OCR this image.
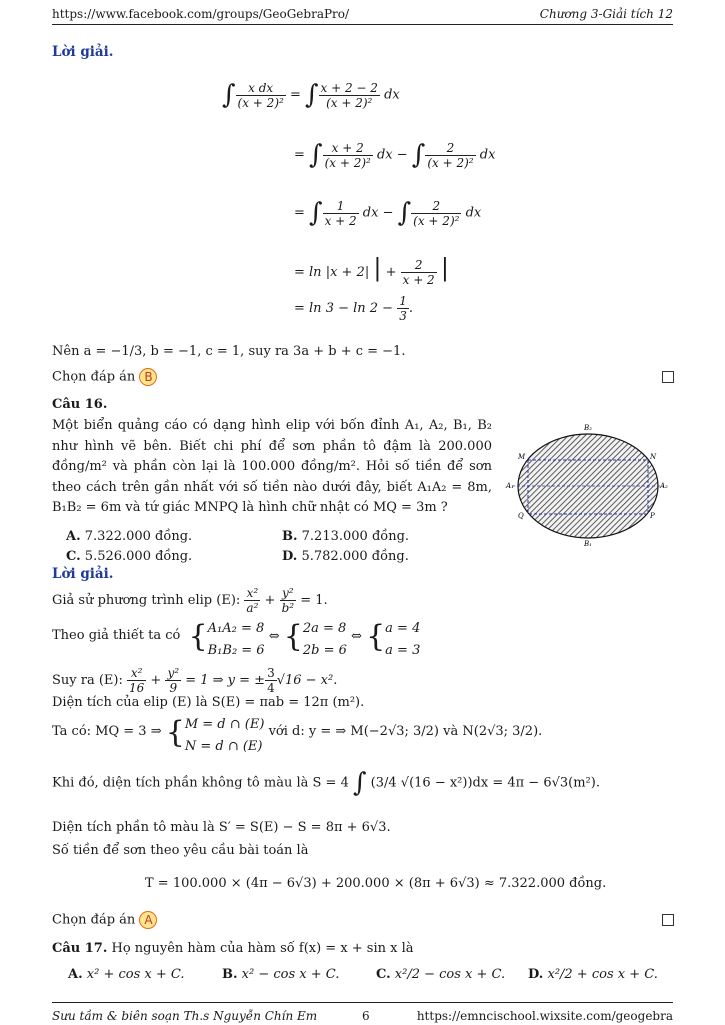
https://www.facebook.com/groups/GeoGebraPro/	Chương 3-Giải tích 12
Lời giải.
∫ $\frac{\text{x dx}}{\text{(x + 2)²}}$ = ∫ $\frac{x + 2 - 2}{\text{(x + 2)²}}$ dx
= ∫ $\frac{x + 2}{\text{(x + 2)²}}$ dx − ∫ $\frac{2}{\text{(x + 2)²}}$ dx
= ∫ $\frac{1}{x + 2}$ dx − ∫ $\frac{2}{\text{(x + 2)²}}$ dx
= ln |x + 2| | + $\frac{2}{x + 2}$ |
= $\ln 3 - \ln 2 - \frac{1}{3}$ .
Nên a = −1/3, b = −1, c = 1, suy ra 3a + b + c = −1.
Chọn đáp án B
Câu 16.
Một biển quảng cáo có dạng hình elip với bốn đỉnh A₁, A₂, B₁, B₂ như hình vẽ bên. Biết chi phí để sơn phần tô đậm là 200.000 đồng/m² và phần còn lại là 100.000 đồng/m². Hỏi số tiền để sơn theo cách trên gần nhất với số tiền nào dưới đây, biết A₁A₂ = 8m, B₁B₂ = 6m và tứ giác MNPQ là hình chữ nhật có MQ = 3m ?
A. 7.322.000 đồng.	B. 7.213.000 đồng.
C. 5.526.000 đồng.	D. 5.782.000 đồng.
B₂
M	N
A₁	A₂
Q	P
B₁
Lời giải.
Giả sử phương trình elip (E): $\frac{\text{x²}}{\text{a²}} + \frac{\text{y²}}{\text{b²}} = 1$.
Theo giả thiết ta có {A₁A₂ = 8
B₁B₂ = 6 ⇔ {2a = 8
2b = 6 ⇔ {a = 4
a = 3
Suy ra (E): $\frac{\text{x²}}{16} + \frac{\text{y²}}{9} = 1$ ⇒ y = ± $\frac{3}{4} √16 - x^2$.
Diện tích của elip (E) là S(E) = πab = 12π (m²).
Ta có: MQ = 3 ⇒ {M = d ∩ (E)
N = d ∩ (E) với d: y = ⇒ M(−2√3; 3/2) và N(2√3; 3/2).
Khi đó, diện tích phần không tô màu là S = 4 ∫ (3/4 √(16 − x²))dx = 4π − 6√3(m²).
Diện tích phần tô màu là S′ = S(E) − S = 8π + 6√3.
Số tiền để sơn theo yêu cầu bài toán là
T = 100.000 × (4π − 6√3) + 200.000 × (8π + 6√3) ≈ 7.322.000 đồng.
Chọn đáp án A
Câu 17. Họ nguyên hàm của hàm số f(x) = x + sin x là
A. x² + cos x + C.	B. x² − cos x + C.	C. x²/2 − cos x + C. D. x²/2 + cos x + C.
Sưu tầm & biên soạn Th.s Nguyễn Chín Em	6	https://emncischool.wixsite.com/geogebra
